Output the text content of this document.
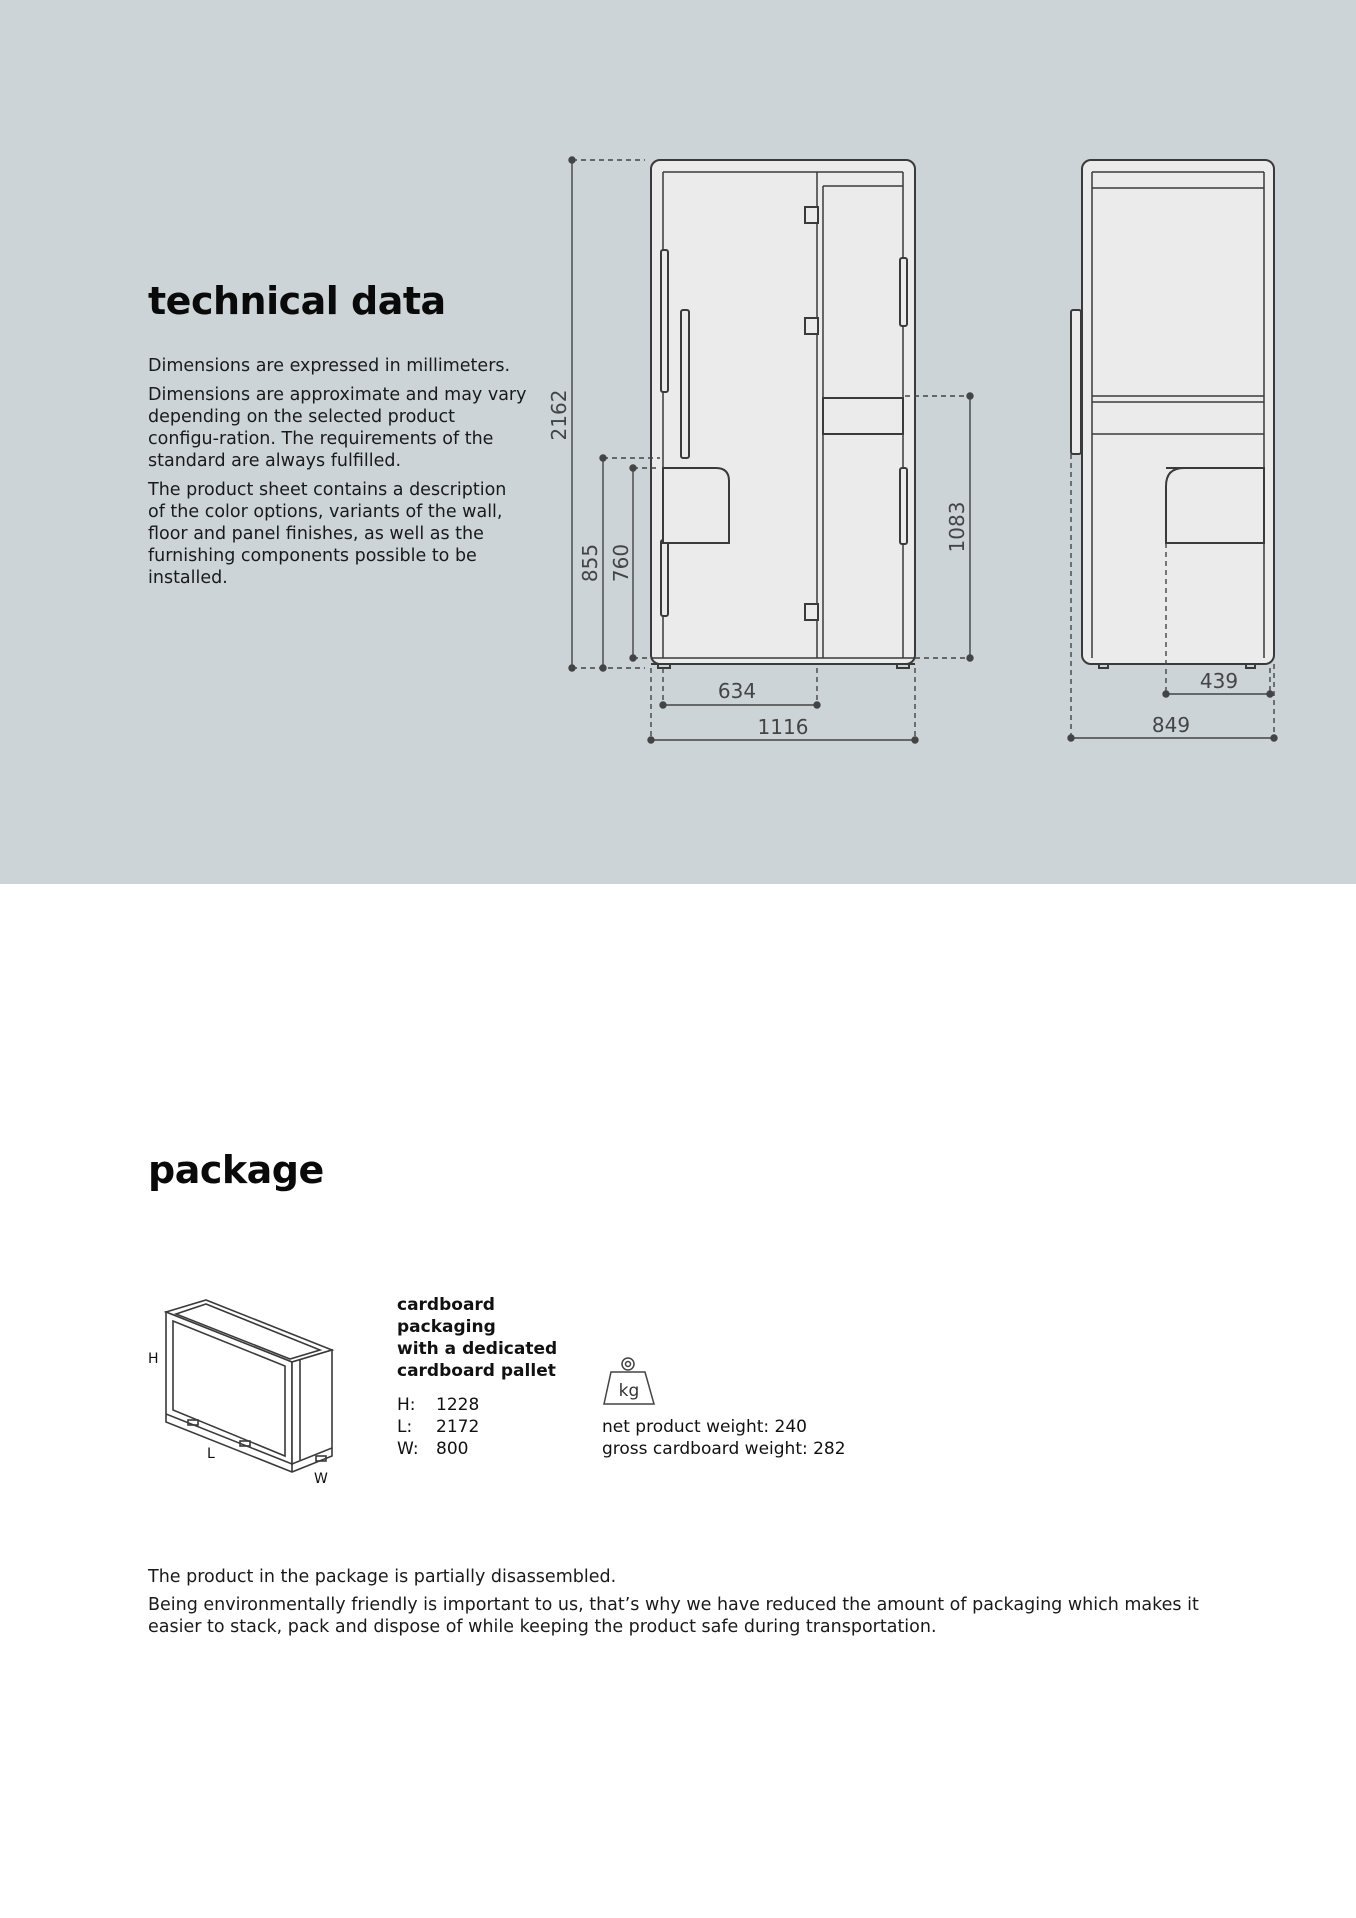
technical data

Dimensions are expressed in millimeters.

Dimensions are approximate and may vary depending on the selected product configu-ration. The requirements of the standard are always fulfilled.

The product sheet contains a description of the color options, variants of the wall, floor and panel finishes, as well as the furnishing components possible to be installed.

2162
855 760
1083
634
1116
439
849
package
H
L
W
cardboard
packaging
with a dedicated
cardboard pallet
H:	1228
L:	2172
W:	800
kg
net product weight: 240
gross cardboard weight: 282

The product in the package is partially disassembled.

Being environmentally friendly is important to us, that’s why we have reduced the amount of packaging which makes it easier to stack, pack and dispose of while keeping the product safe during transportation.
